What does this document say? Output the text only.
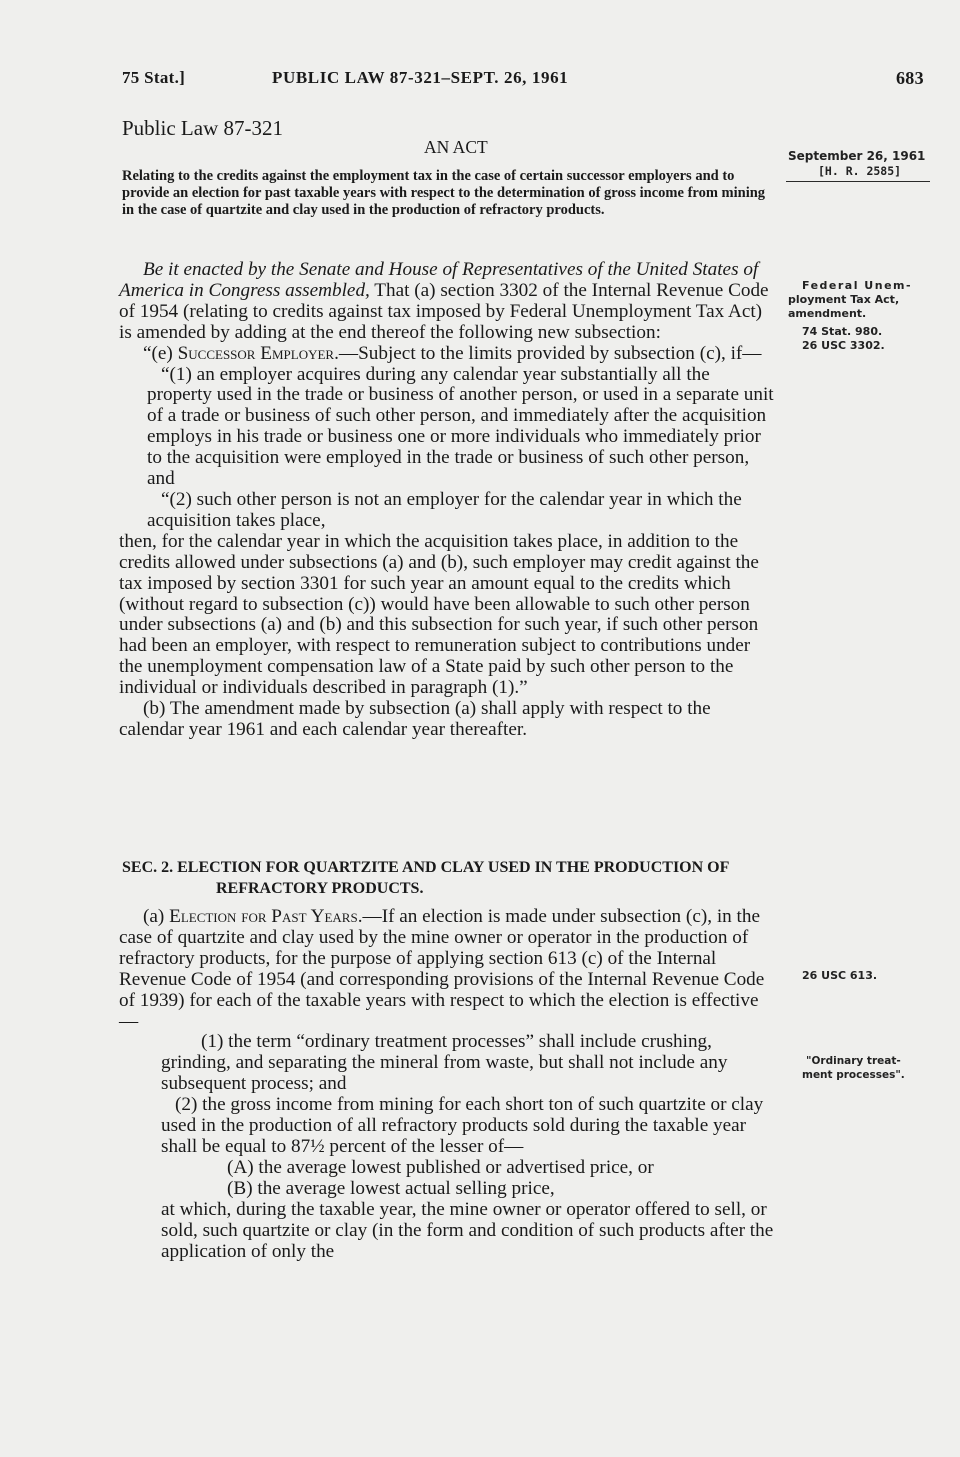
75 Stat.]	PUBLIC LAW 87-321–SEPT. 26, 1961	683
Public Law 87-321
AN ACT
Relating to the credits against the employment tax in the case of certain successor employers and to provide an election for past taxable years with respect to the determination of gross income from mining in the case of quartzite and clay used in the production of refractory products.
September 26, 1961
[H. R. 2585]
Federal Unem-
ployment Tax Act,
amendment.
74 Stat. 980.
26 USC 3302.
26 USC 613.
"Ordinary treat-
ment processes".

Be it enacted by the Senate and House of Representatives of the United States of America in Congress assembled, That (a) section 3302 of the Internal Revenue Code of 1954 (relating to credits against tax imposed by Federal Unemployment Tax Act) is amended by adding at the end thereof the following new subsection:

“(e) Successor Employer.—Subject to the limits provided by subsection (c), if—

“(1) an employer acquires during any calendar year substantially all the property used in the trade or business of another person, or used in a separate unit of a trade or business of such other person, and immediately after the acquisition employs in his trade or business one or more individuals who immediately prior to the acquisition were employed in the trade or business of such other person, and

“(2) such other person is not an employer for the calendar year in which the acquisition takes place,

then, for the calendar year in which the acquisition takes place, in addition to the credits allowed under subsections (a) and (b), such employer may credit against the tax imposed by section 3301 for such year an amount equal to the credits which (without regard to subsection (c)) would have been allowable to such other person under subsections (a) and (b) and this subsection for such year, if such other person had been an employer, with respect to remuneration subject to contributions under the unemployment compensation law of a State paid by such other person to the individual or individuals described in paragraph (1).”

(b) The amendment made by subsection (a) shall apply with respect to the calendar year 1961 and each calendar year thereafter.

SEC. 2. ELECTION FOR QUARTZITE AND CLAY USED IN THE PRODUCTION OF REFRACTORY PRODUCTS.

(a) Election for Past Years.—If an election is made under subsection (c), in the case of quartzite and clay used by the mine owner or operator in the production of refractory products, for the purpose of applying section 613 (c) of the Internal Revenue Code of 1954 (and corresponding provisions of the Internal Revenue Code of 1939) for each of the taxable years with respect to which the election is effective—

(1) the term “ordinary treatment processes” shall include crushing, grinding, and separating the mineral from waste, but shall not include any subsequent process; and

(2) the gross income from mining for each short ton of such quartzite or clay used in the production of all refractory products sold during the taxable year shall be equal to 87½ percent of the lesser of—

(A) the average lowest published or advertised price, or

(B) the average lowest actual selling price,

at which, during the taxable year, the mine owner or operator offered to sell, or sold, such quartzite or clay (in the form and condition of such products after the application of only the
